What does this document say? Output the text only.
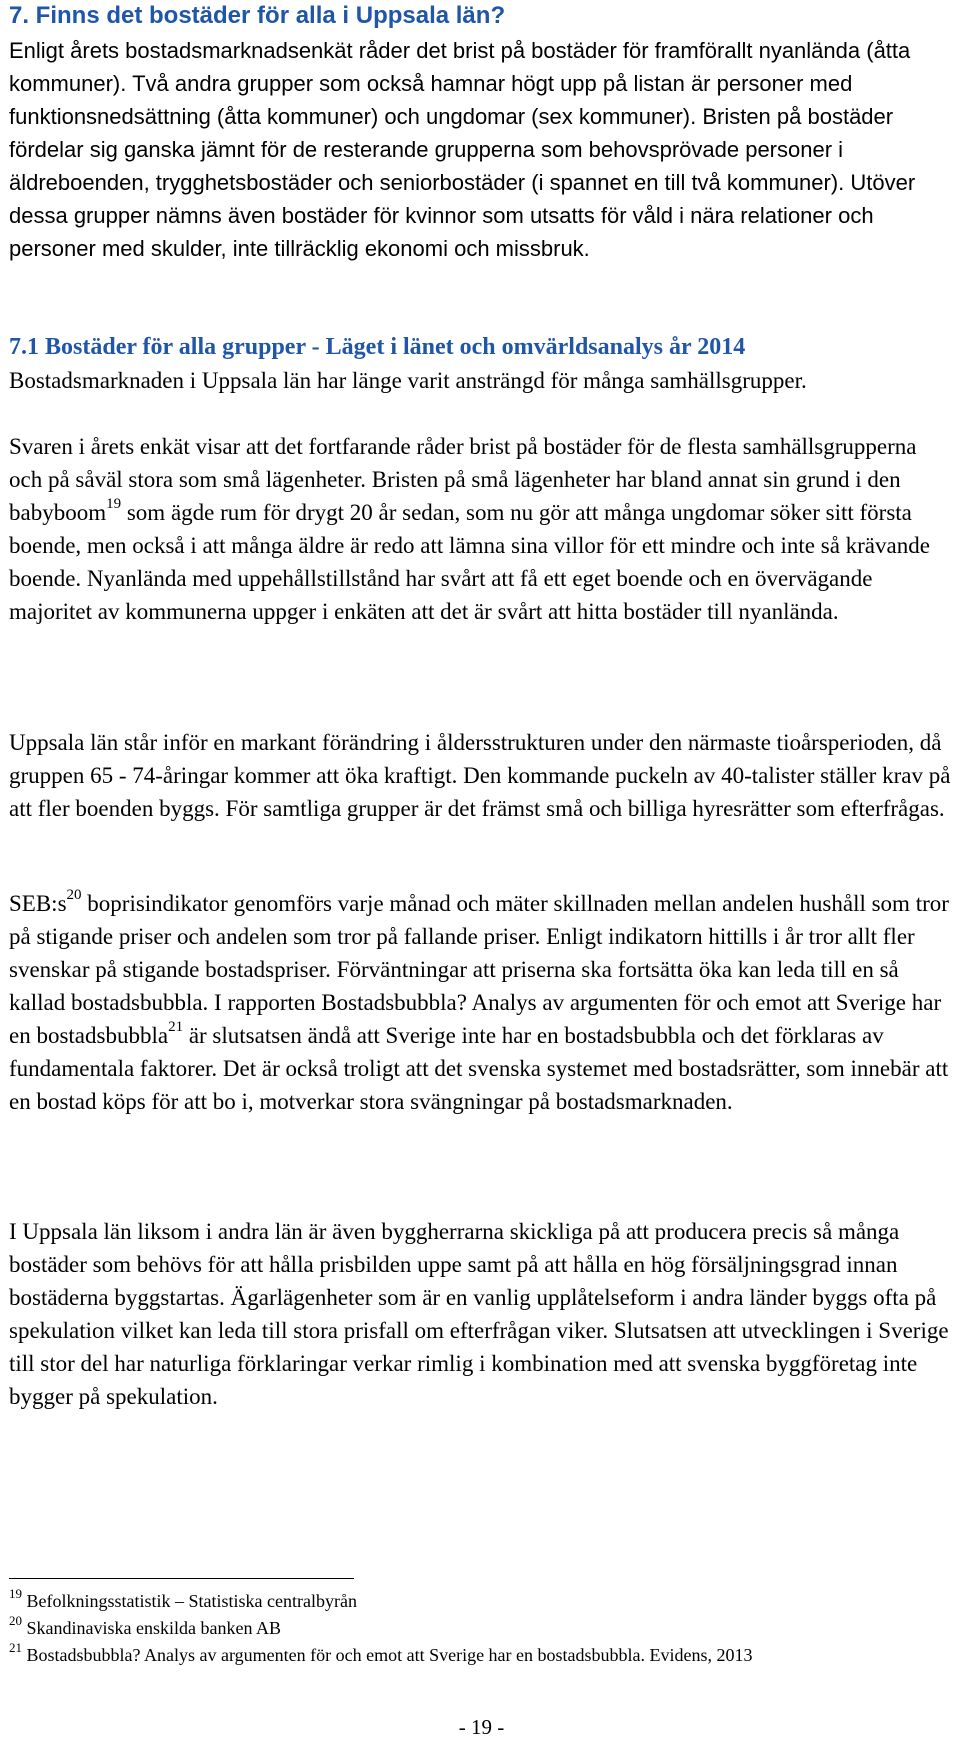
7. Finns det bostäder för alla i Uppsala län?

Enligt årets bostadsmarknadsenkät råder det brist på bostäder för framförallt nyanlända (åtta kommuner). Två andra grupper som också hamnar högt upp på listan är personer med funktionsnedsättning (åtta kommuner) och ungdomar (sex kommuner). Bristen på bostäder fördelar sig ganska jämnt för de resterande grupperna som behovsprövade personer i äldreboenden, trygghetsbostäder och seniorbostäder (i spannet en till två kommuner). Utöver dessa grupper nämns även bostäder för kvinnor som utsatts för våld i nära relationer och personer med skulder, inte tillräcklig ekonomi och missbruk.

7.1 Bostäder för alla grupper - Läget i länet och omvärldsanalys år 2014

Bostadsmarknaden i Uppsala län har länge varit ansträngd för många samhällsgrupper.

Svaren i årets enkät visar att det fortfarande råder brist på bostäder för de flesta samhällsgrupperna och på såväl stora som små lägenheter. Bristen på små lägenheter har bland annat sin grund i den babyboom$^{19}$ som ägde rum för drygt 20 år sedan, som nu gör att många ungdomar söker sitt första boende, men också i att många äldre är redo att lämna sina villor för ett mindre och inte så krävande boende. Nyanlända med uppehållstillstånd har svårt att få ett eget boende och en övervägande majoritet av kommunerna uppger i enkäten att det är svårt att hitta bostäder till nyanlända.

Uppsala län står inför en markant förändring i åldersstrukturen under den närmaste tioårsperioden, då gruppen 65 - 74-åringar kommer att öka kraftigt. Den kommande puckeln av 40-talister ställer krav på att fler boenden byggs. För samtliga grupper är det främst små och billiga hyresrätter som efterfrågas.

$SEB:s^{20}$ boprisindikator genomförs varje månad och mäter skillnaden mellan andelen hushåll som tror på stigande priser och andelen som tror på fallande priser. Enligt indikatorn hittills i år tror allt fler svenskar på stigande bostadspriser. Förväntningar att priserna ska fortsätta öka kan leda till en så kallad bostadsbubbla. I rapporten Bostadsbubbla? Analys av argumenten för och emot att Sverige har en bostadsbubbla$^{21}$ är slutsatsen ändå att Sverige inte har en bostadsbubbla och det förklaras av fundamentala faktorer. Det är också troligt att det svenska systemet med bostadsrätter, som innebär att en bostad köps för att bo i, motverkar stora svängningar på bostadsmarknaden.

I Uppsala län liksom i andra län är även byggherrarna skickliga på att producera precis så många bostäder som behövs för att hålla prisbilden uppe samt på att hålla en hög försäljningsgrad innan bostäderna byggstartas. Ägarlägenheter som är en vanlig upplåtelseform i andra länder byggs ofta på spekulation vilket kan leda till stora prisfall om efterfrågan viker. Slutsatsen att utvecklingen i Sverige till stor del har naturliga förklaringar verkar rimlig i kombination med att svenska byggföretag inte bygger på spekulation.

$^{19}$ Befolkningsstatistik – Statistiska centralbyrån
$^{20}$ Skandinaviska enskilda banken AB
$^{21}$ Bostadsbubbla? Analys av argumenten för och emot att Sverige har en bostadsbubbla. Evidens, 2013
- 19 -
